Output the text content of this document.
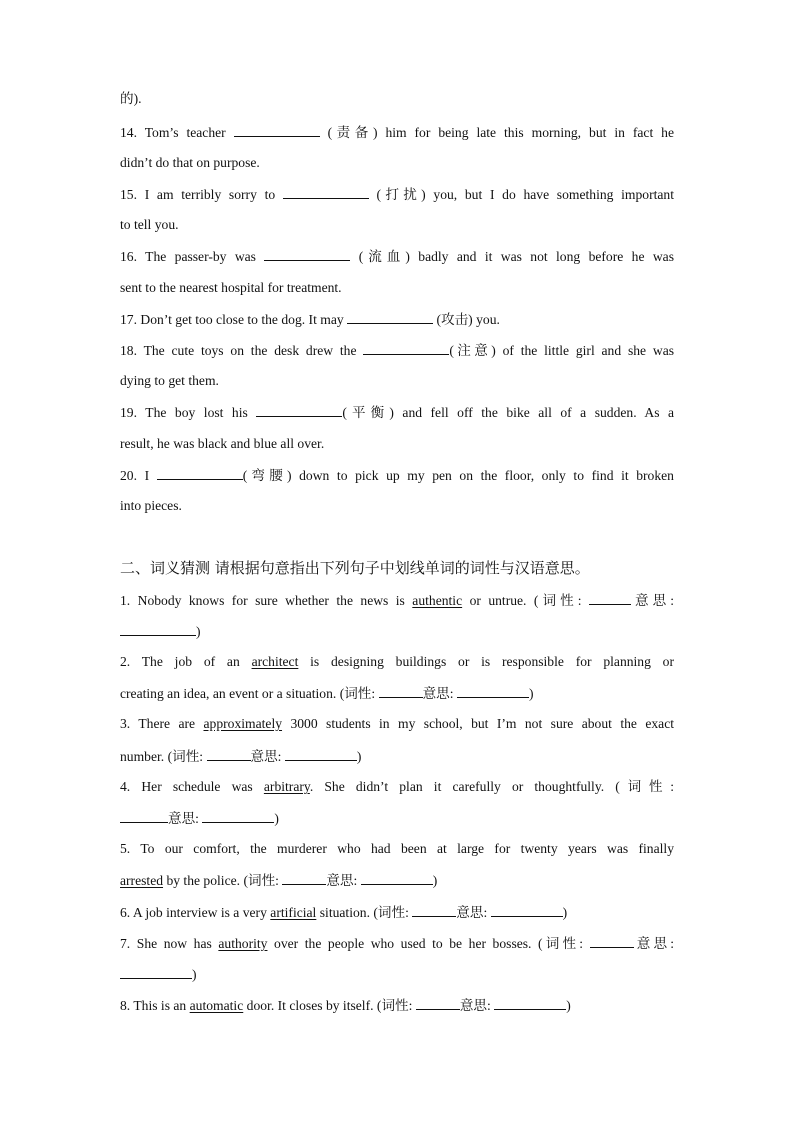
的).
14. Tom’s teacher	(责备) him for being late this morning, but in fact he
didn’t do that on purpose.
15. I am terribly sorry to	(打扰) you, but I do have something important
to tell you.
16. The passer-by was	(流血) badly and it was not long before he was
sent to the nearest hospital for treatment.
17. Don’t get too close to the dog. It may	(攻击) you.
18. The cute toys on the desk drew the	(注意) of the little girl and she was
dying to get them.
19. The boy lost his	(平衡) and fell off the bike all of a sudden. As a
result, he was black and blue all over.
20. I	(弯腰) down to pick up my pen on the floor, only to find it broken
into pieces.
二、词义猜测 请根据句意指出下列句子中划线单词的词性与汉语意思。
1. Nobody knows for sure whether the news is authentic or untrue. (词性:	意思:
)
2. The job of an architect is designing buildings or is responsible for planning or
creating an idea, an event or a situation. (词性:	意思:	)
3. There are approximately 3000 students in my school, but I’m not sure about the exact
number. (词性:	意思:	)
4. Her schedule was arbitrary. She didn’t plan it carefully or thoughtfully. (词性:
意思:	)
5. To our comfort, the murderer who had been at large for twenty years was finally
arrested by the police. (词性:	意思:	)
6. A job interview is a very artificial situation. (词性:	意思:	)
7. She now has authority over the people who used to be her bosses. (词性:	意思:
)
8. This is an automatic door. It closes by itself. (词性:	意思:	)
